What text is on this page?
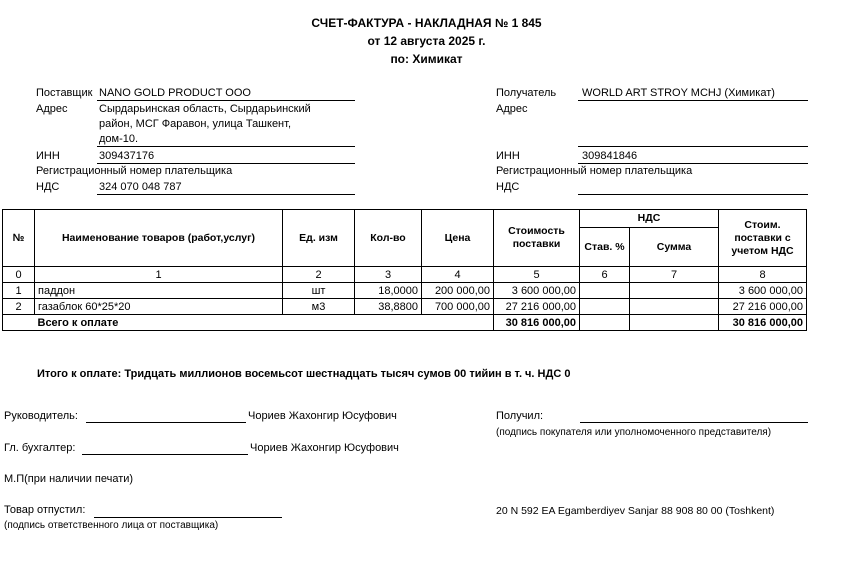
СЧЕТ-ФАКТУРА - НАКЛАДНАЯ № 1 845
от 12 августа 2025 г.
по: Химикат
Поставщик NANO GOLD PRODUCT OOO
Адрес	Сырдарьинская область, Сырдарьинский
район, МСГ Фаравон, улица Ташкент,
дом-10.
ИНН	309437176
Регистрационный номер плательщика
НДС	324 070 048 787
Получатель WORLD ART STROY MCHJ (Химикат)
Адрес
ИНН	309841846
Регистрационный номер плательщика
НДС
№	Наименование товаров (работ,услуг)	Ед. изм	Кол-во	Цена	Стоимость поставки	НДС		Стоим. поставки с учетом НДС
						Став. %	Сумма	
0	1	2	3	4	5	6	7	8
1	паддон	шт	18,0000	200 000,00	3 600 000,00			3 600 000,00
2	газаблок 60*25*20	м3	38,8800	700 000,00	27 216 000,00			27 216 000,00
	Всего к оплате				30 816 000,00			30 816 000,00
Итого к оплате: Тридцать миллионов восемьсот шестнадцать тысяч сумов 00 тийин в т. ч. НДС 0
Руководитель:	Чориев Жахонгир Юсуфович
Гл. бухгалтер:	Чориев Жахонгир Юсуфович
М.П(при наличии печати)
Товар отпустил:
(подпись ответственного лица от поставщика)
Получил:
(подпись покупателя или уполномоченного представителя)
20 N 592 EA Egamberdiyev Sanjar 88 908 80 00 (Toshkent)
